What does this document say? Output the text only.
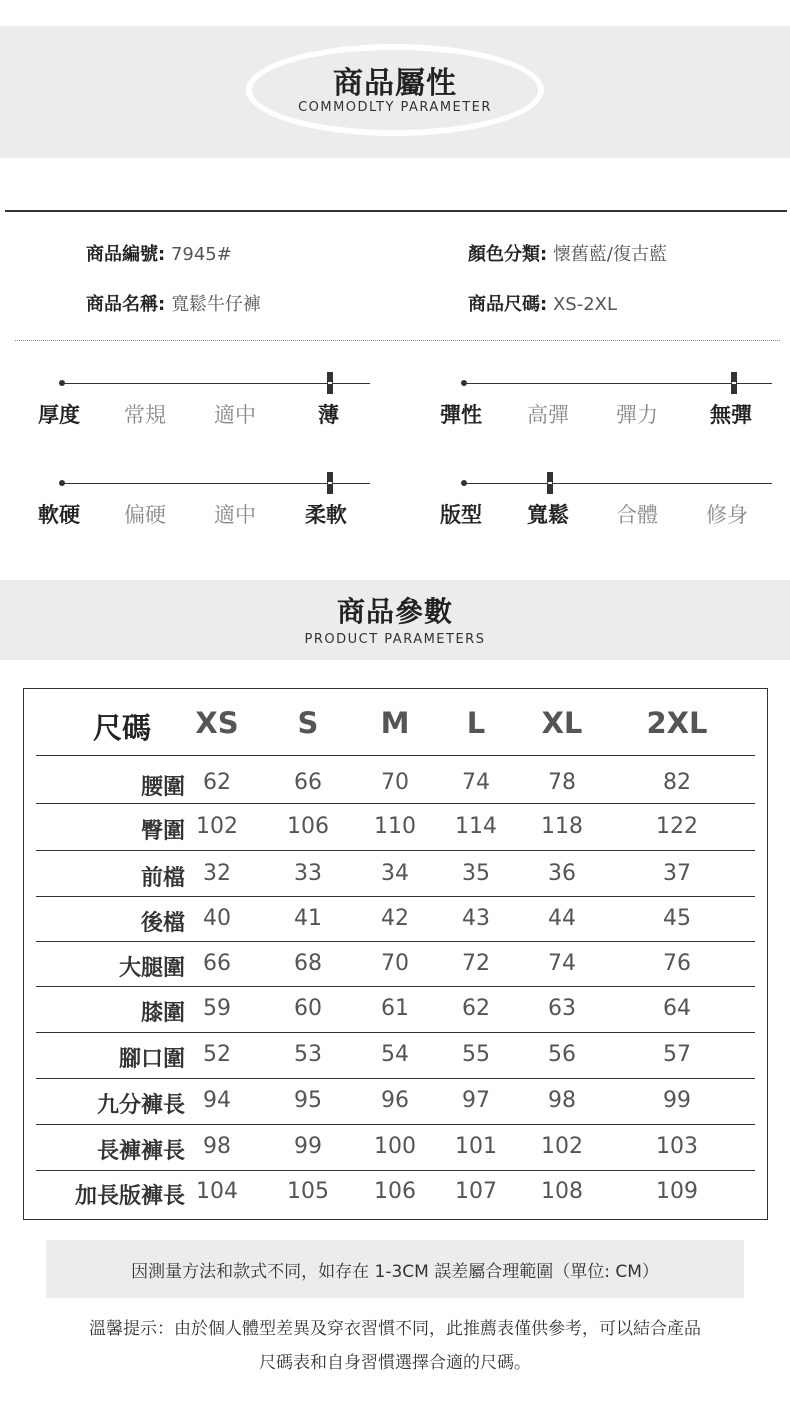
商品屬性
COMMODLTY PARAMETER
商品編號: 7945#	顏色分類: 懷舊藍/復古藍
商品名稱: 寬鬆牛仔褲	商品尺碼: XS-2XL
厚度 常規 適中	薄	彈性 高彈 彈力 無彈
軟硬 偏硬 適中 柔軟	版型 寬鬆 合體 修身
商品參數
PRODUCT PARAMETERS
尺碼	XS	S	M	L	XL	2XL
腰圍 62	66	70	74	78	82
臀圍 102	106	110	114	118	122
前檔 32	33	34	35	36	37
後檔 40	41	42	43	44	45
大腿圍 66	68	70	72	74	76
膝圍 59	60	61	62	63	64
腳口圍 52	53	54	55	56	57
九分褲長 94	95	96	97	98	99
長褲褲長 98	99	100	101	102	103
加長版褲長 104	105	106	107	108	109
因測量方法和款式不同，如存在 1-3CM 誤差屬合理範圍（單位: CM）
溫馨提示：由於個人體型差異及穿衣習慣不同，此推薦表僅供參考，可以結合產品
尺碼表和自身習慣選擇合適的尺碼。
